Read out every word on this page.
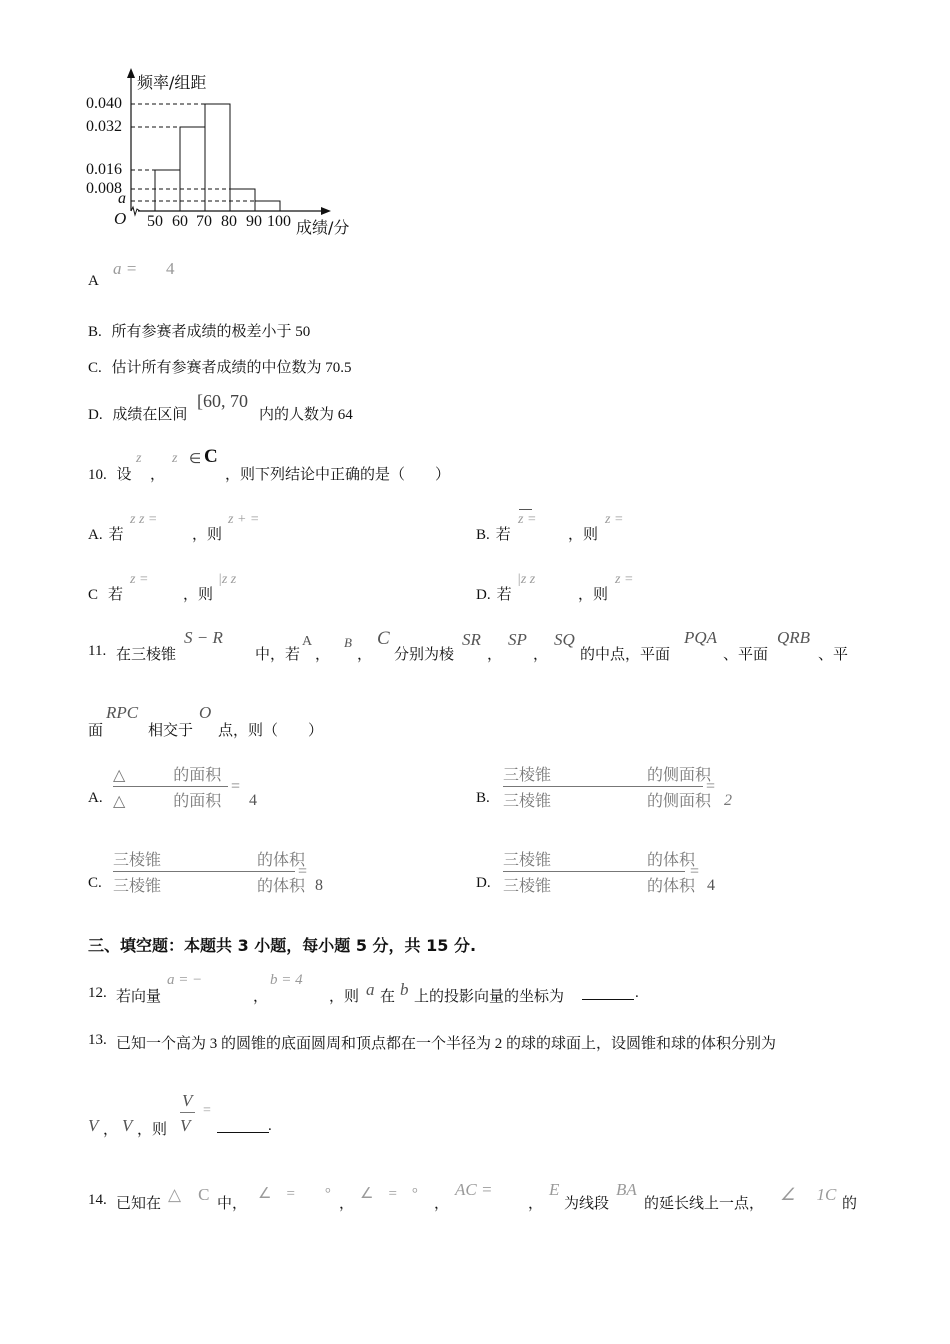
频率/组距
0.040
0.032
0.016
0.008
a
O 50 60 70 80 90 100 成绩/分
A
a = 4
B. 所有参赛者成绩的极差小于 50
C. 估计所有参赛者成绩的中位数为 70.5
D. 成绩在区间
[60, 70
内的人数为 64
10. 设
z
，
z ∈ C
，则下列结论中正确的是（　　）
A. 若
z z =
，则
z + =
B. 若
z =
，则
z =
C 若
z =
，则
|z z
D. 若
|z z
，则
z =
11. 在三棱锥
S − R
中，若
A
，
B
，
C
分别为棱
SR
，
SP
，
SQ
的中点，平面
PQA
、平面
QRB
、平
面
RPC
相交于
O
点，则（　　）
A.
△　　　的面积
△　　　的面积
=
4	B.
三棱锥　　　　　　的侧面积
三棱锥　　　　　　的侧面积
=
2
C.
三棱锥　　　　　　的体积
三棱锥　　　　　　的体积
=
8	D.
三棱锥　　　　　　的体积
三棱锥　　　　　　的体积
=
4
三、填空题：本题共 3 小题，每小题 5 分，共 15 分.
12. 若向量
a = −
，
b = 4
，则 a 在 b 上的投影向量的坐标为	.
13. 已知一个高为 3 的圆锥的底面圆周和顶点都在一个半径为 2 的球的球面上，设圆锥和球的体积分别为
V ， V ，则
V
V
=
.
14. 已知在 △　C 中，
∠　=　　°
，
∠　=　°
，
AC =
，
E
为线段
BA
的延长线上一点， ∠　 1C 的
